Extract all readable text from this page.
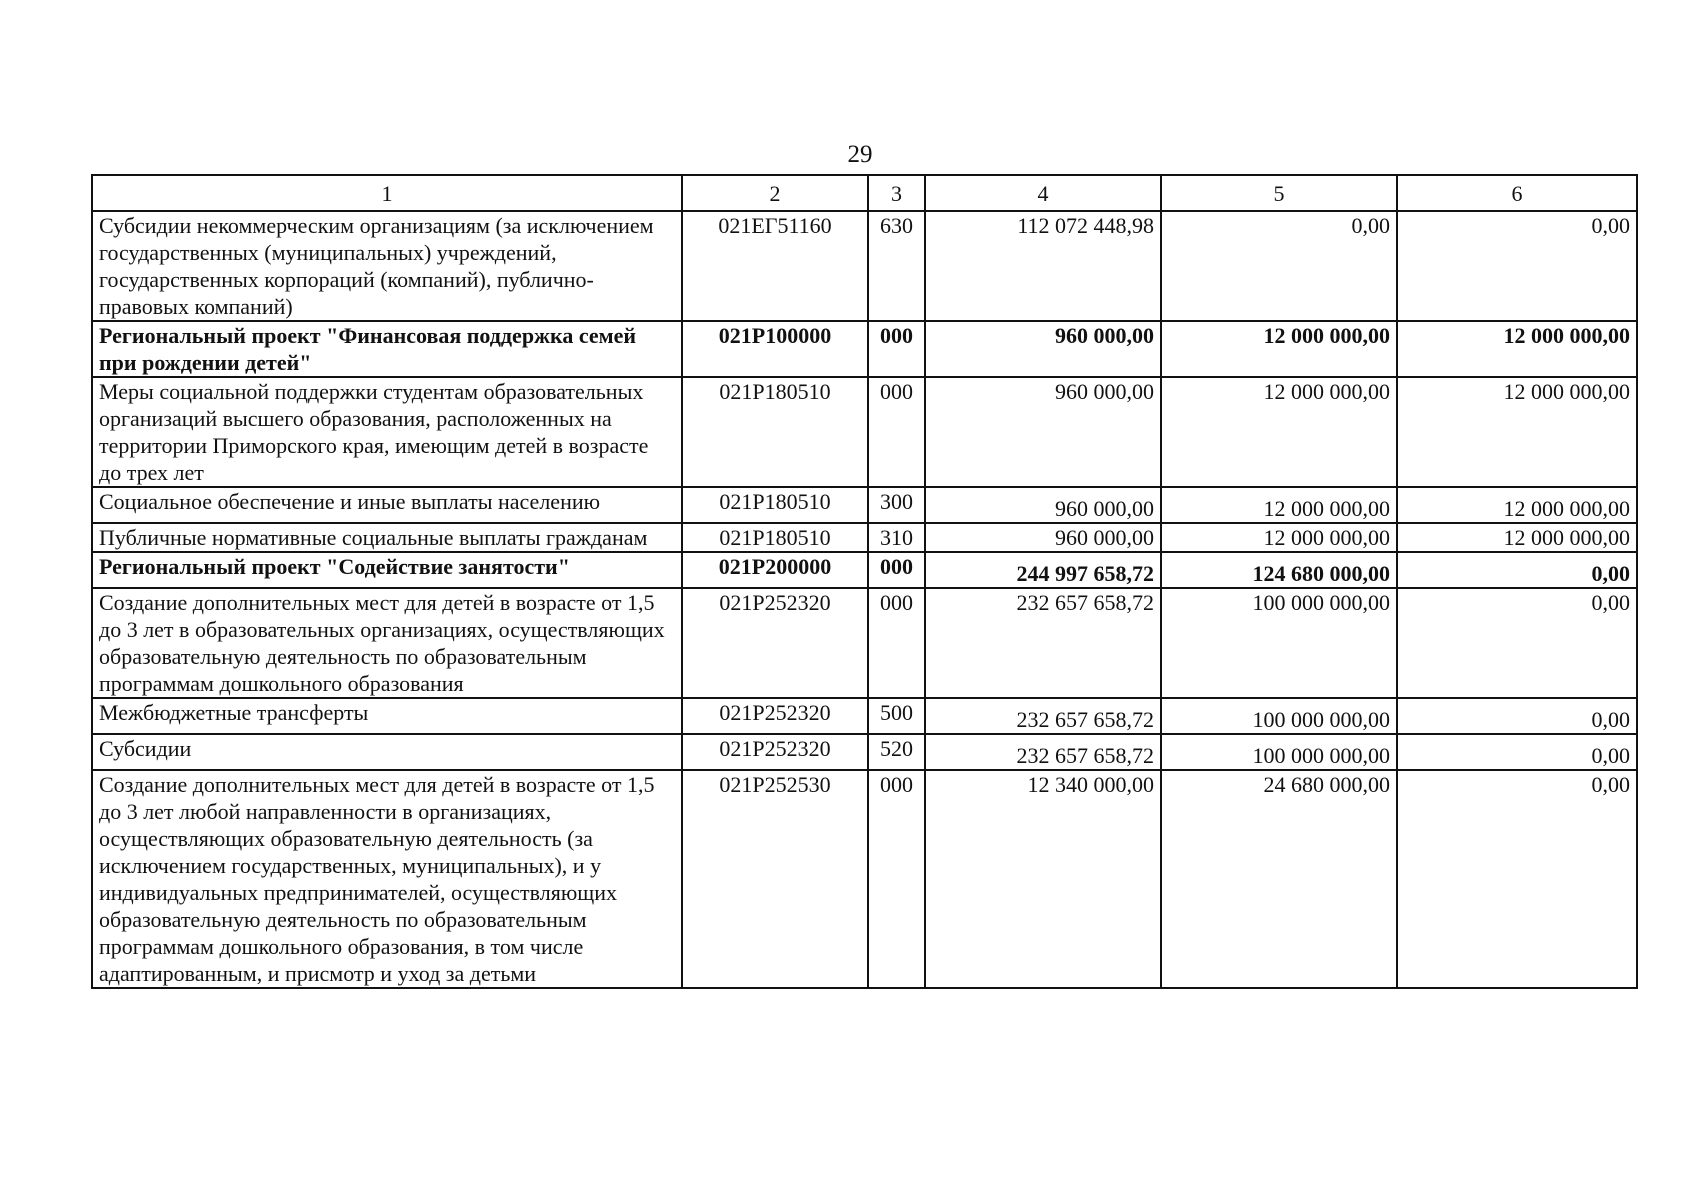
29
1	2	3	4	5	6
Субсидии некоммерческим организациям (за исключением государственных (муниципальных) учреждений, государственных корпораций (компаний), публично-правовых компаний)	021ЕГ51160	630	112 072 448,98	0,00	0,00
Региональный проект "Финансовая поддержка семей при рождении детей"	021P100000	000	960 000,00	12 000 000,00	12 000 000,00
Меры социальной поддержки студентам образовательных организаций высшего образования, расположенных на территории Приморского края, имеющим детей в возрасте до трех лет	021P180510	000	960 000,00	12 000 000,00	12 000 000,00
Социальное обеспечение и иные выплаты населению	021P180510	300	960 000,00	12 000 000,00	12 000 000,00
Публичные нормативные социальные выплаты гражданам	021P180510	310	960 000,00	12 000 000,00	12 000 000,00
Региональный проект "Содействие занятости"	021P200000	000	244 997 658,72	124 680 000,00	0,00
Создание дополнительных мест для детей в возрасте от 1,5 до 3 лет в образовательных организациях, осуществляющих образовательную деятельность по образовательным программам дошкольного образования	021P252320	000	232 657 658,72	100 000 000,00	0,00
Межбюджетные трансферты	021P252320	500	232 657 658,72	100 000 000,00	0,00
Субсидии	021P252320	520	232 657 658,72	100 000 000,00	0,00
Создание дополнительных мест для детей в возрасте от 1,5 до 3 лет любой направленности в организациях, осуществляющих образовательную деятельность (за исключением государственных, муниципальных), и у индивидуальных предпринимателей, осуществляющих образовательную деятельность по образовательным программам дошкольного образования, в том числе адаптированным, и присмотр и уход за детьми	021P252530	000	12 340 000,00	24 680 000,00	0,00
